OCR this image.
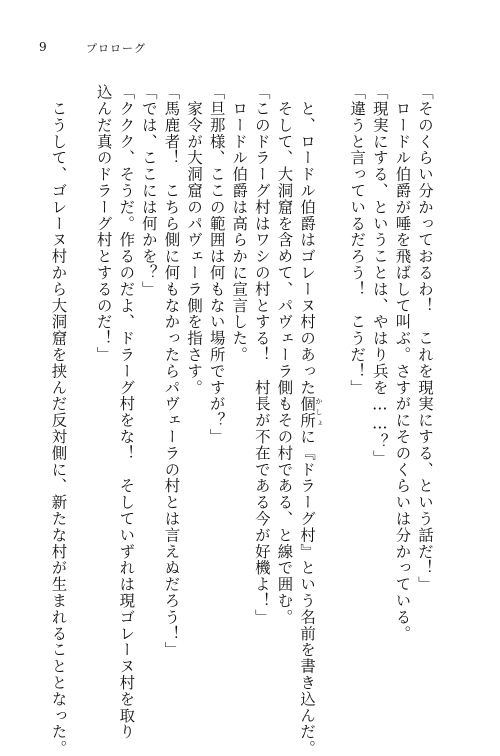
9	プロローグ
「そのくらい分かっておるわ！　これを現実にする、という話だ！」
　ロードル伯爵が唾を飛ばして叫ぶ。さすがにそのくらいは分かっている。
「現実にする、ということは、やはり兵を……？」
「違うと言っているだろう！　こうだ！」

　と、ロードル伯爵はゴレーヌ村のあった個所 かしょに『ドラーグ村』という名前を書き込んだ。
　そして、大洞窟を含めて、パヴェーラ側もその村である、と線で囲む。
「このドラーグ村はワシの村とする！　村長が不在である今が好機よ！」
　ロードル伯爵は高らかに宣言した。
「旦那様、ここの範囲は何もない場所ですが？」
　家令が大洞窟のパヴェーラ側を指さす。
「馬鹿者！　こちら側に何もなかったらパヴェーラの村とは言えぬだろう！」
「では、ここには何かを？」
「ククク、そうだ。作るのだよ、ドラーグ村をな！　そしていずれは現ゴレーヌ村を取り
込んだ真のドラーグ村とするのだ！」

　こうして、ゴレーヌ村から大洞窟を挟んだ反対側に、新たな村が生まれることとなった。
